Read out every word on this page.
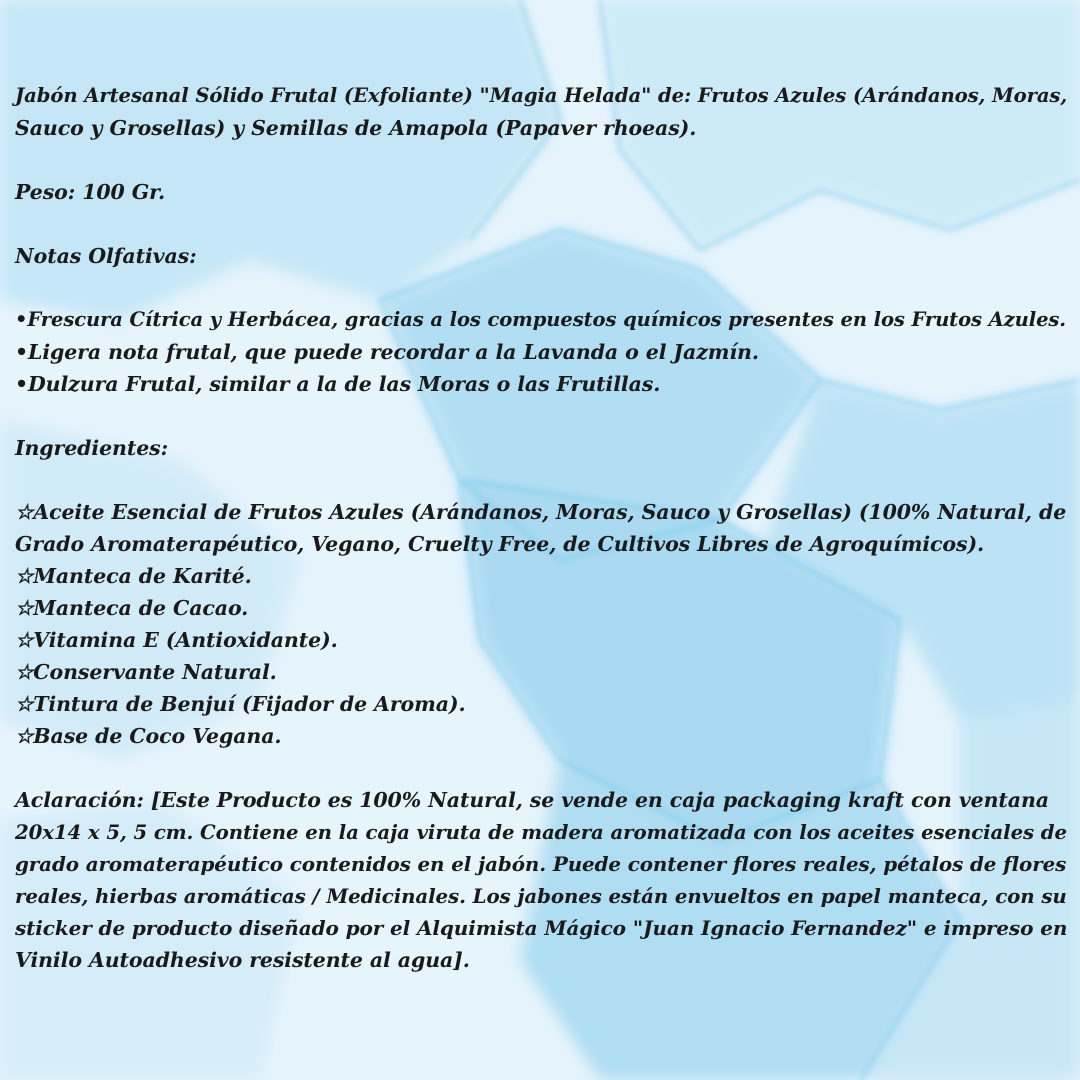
Jabón Artesanal Sólido Frutal (Exfoliante) "Magia Helada" de: Frutos Azules (Arándanos, Moras,
Sauco y Grosellas) y Semillas de Amapola (Papaver rhoeas).

Peso: 100 Gr.

Notas Olfativas:

•Frescura Cítrica y Herbácea, gracias a los compuestos químicos presentes en los Frutos Azules.
•Ligera nota frutal, que puede recordar a la Lavanda o el Jazmín.
•Dulzura Frutal, similar a la de las Moras o las Frutillas.

Ingredientes:

☆Aceite Esencial de Frutos Azules (Arándanos, Moras, Sauco y Grosellas) (100% Natural, de
Grado Aromaterapéutico, Vegano, Cruelty Free, de Cultivos Libres de Agroquímicos).
☆Manteca de Karité.
☆Manteca de Cacao.
☆Vitamina E (Antioxidante).
☆Conservante Natural.
☆Tintura de Benjuí (Fijador de Aroma).
☆Base de Coco Vegana.
Aclaración: [Este Producto es 100% Natural, se vende en caja packaging kraft con ventana
20x14 x 5, 5 cm. Contiene en la caja viruta de madera aromatizada con los aceites esenciales de
grado aromaterapéutico contenidos en el jabón. Puede contener flores reales, pétalos de flores
reales, hierbas aromáticas / Medicinales. Los jabones están envueltos en papel manteca, con su
sticker de producto diseñado por el Alquimista Mágico "Juan Ignacio Fernandez" e impreso en
Vinilo Autoadhesivo resistente al agua].
